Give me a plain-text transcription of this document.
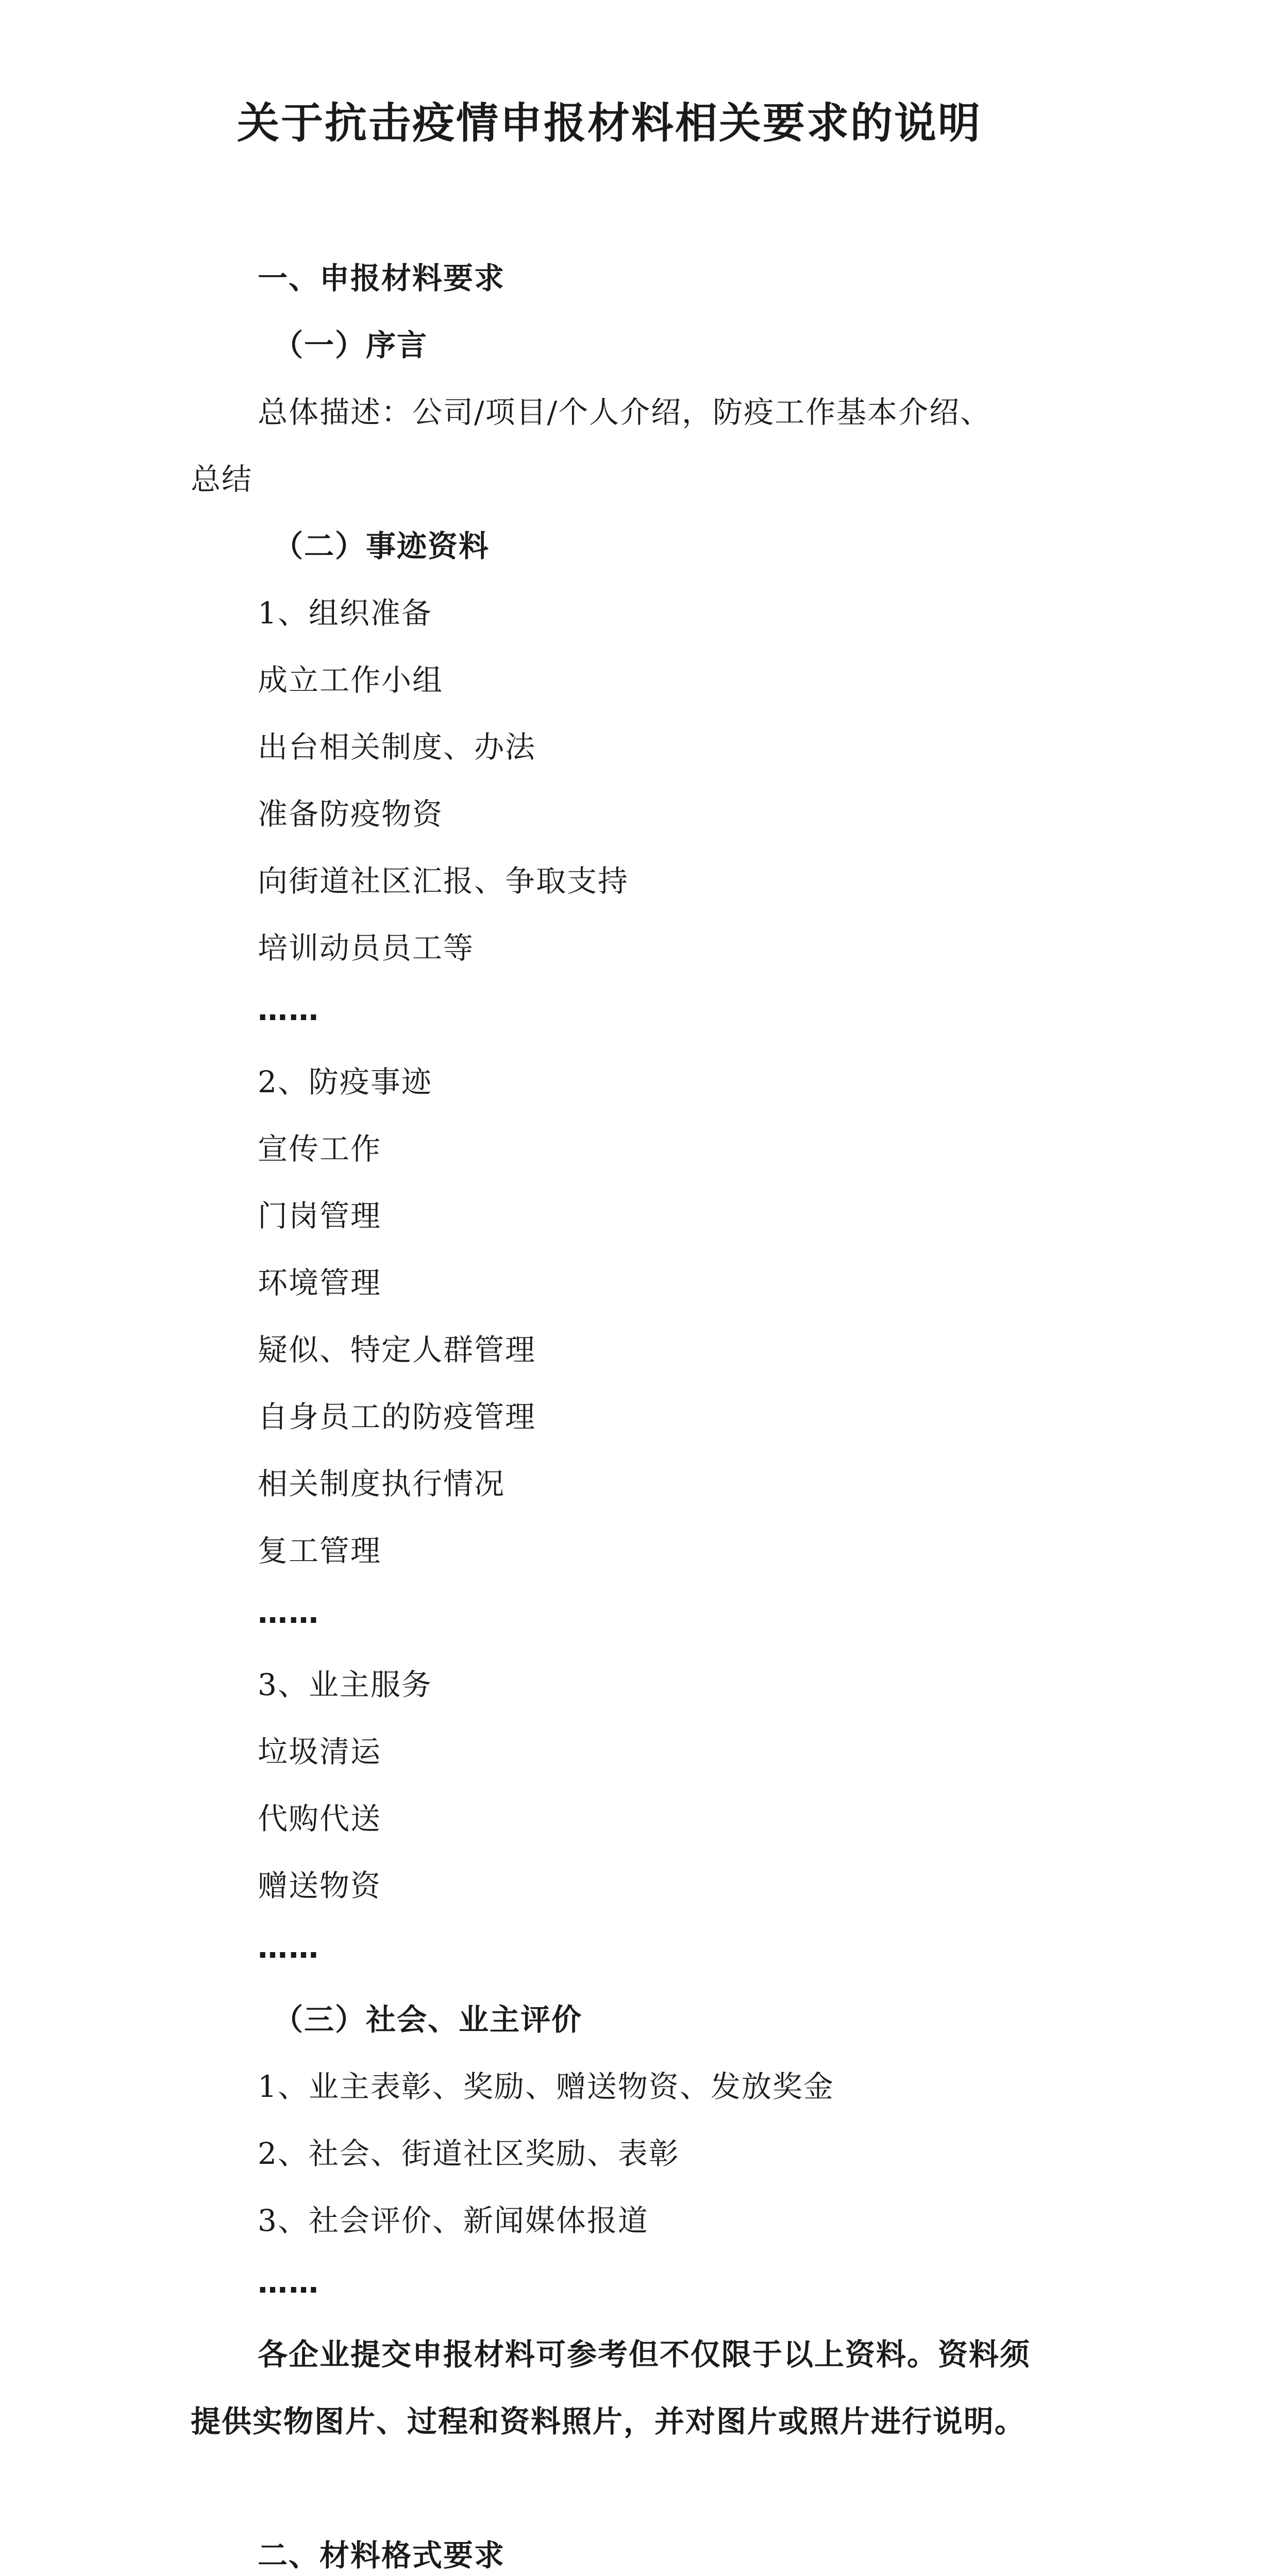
关于抗击疫情申报材料相关要求的说明
一、申报材料要求
（一）序言
总体描述：公司/项目/个人介绍，防疫工作基本介绍、
总结
（二）事迹资料
1、组织准备
成立工作小组
出台相关制度、办法
准备防疫物资
向街道社区汇报、争取支持
培训动员员工等
……
2、防疫事迹
宣传工作
门岗管理
环境管理
疑似、特定人群管理
自身员工的防疫管理
相关制度执行情况
复工管理
……
3、业主服务
垃圾清运
代购代送
赠送物资
……
（三）社会、业主评价
1、业主表彰、奖励、赠送物资、发放奖金
2、社会、街道社区奖励、表彰
3、社会评价、新闻媒体报道
……
各企业提交申报材料可参考但不仅限于以上资料。资料须
提供实物图片、过程和资料照片，并对图片或照片进行说明。
二、材料格式要求
